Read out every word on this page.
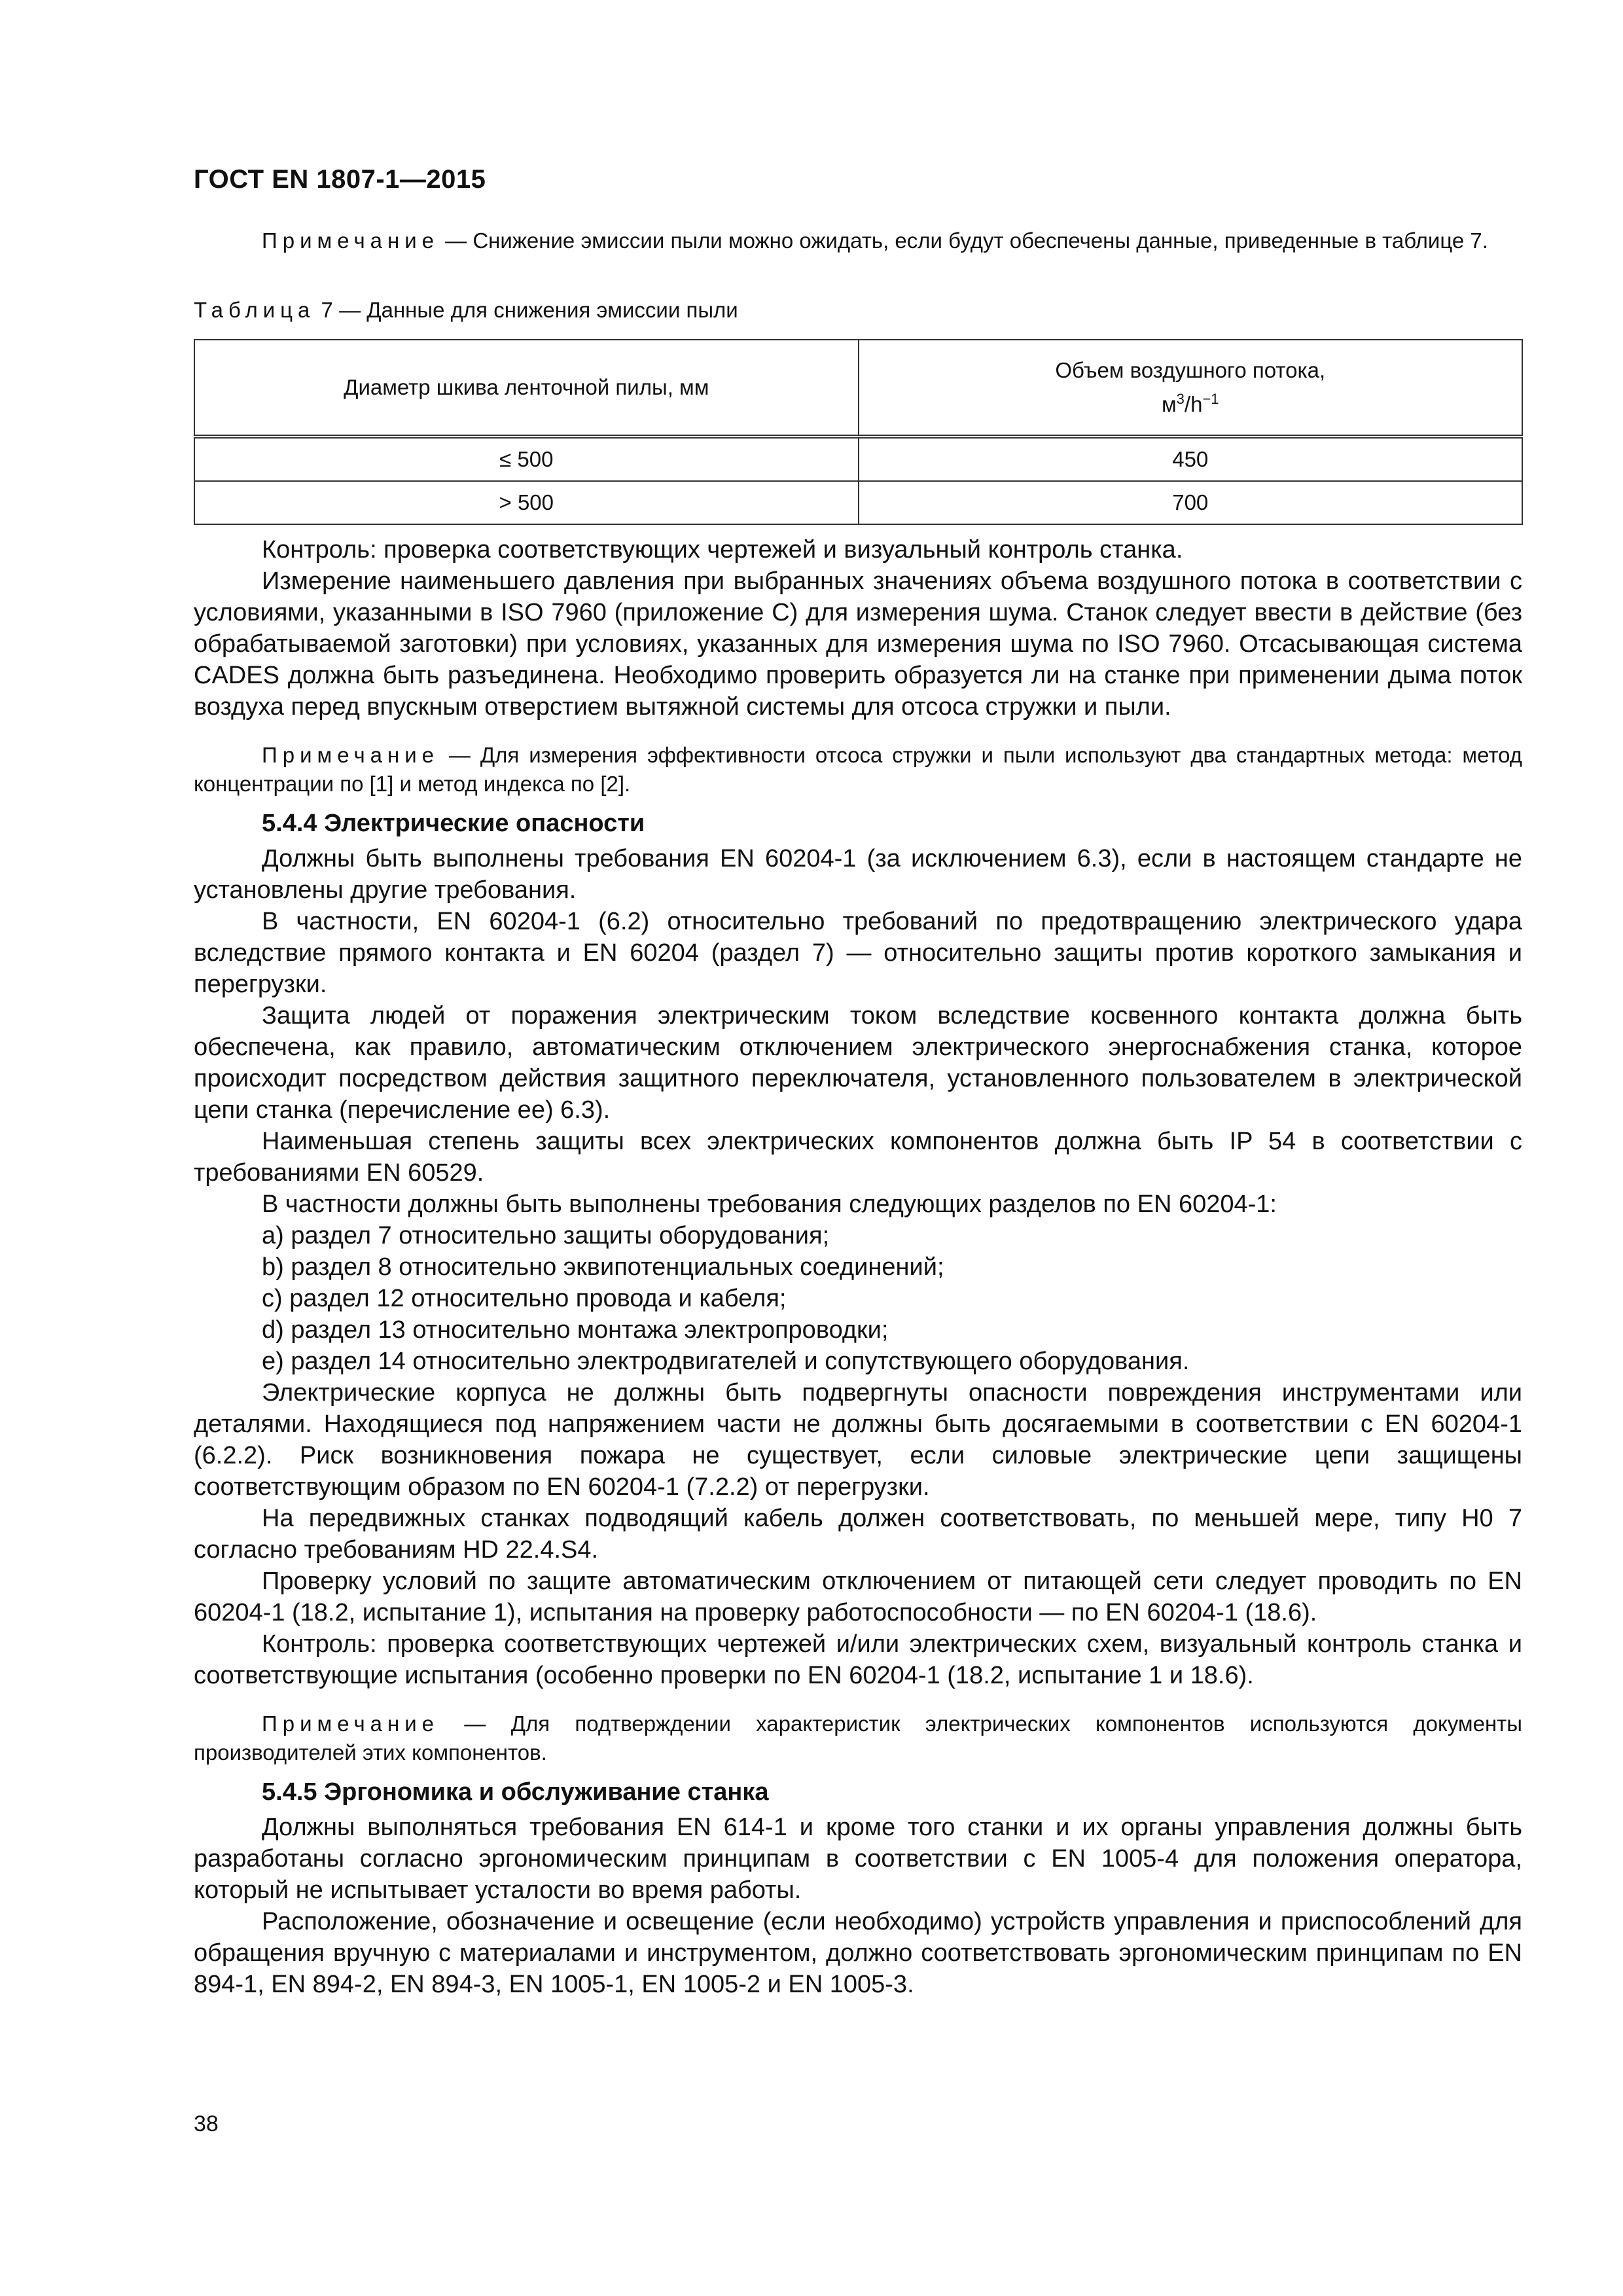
ГОСТ EN 1807-1—2015

Примечание — Снижение эмиссии пыли можно ожидать, если будут обеспечены данные, приведенные в таблице 7.

Таблица 7 — Данные для снижения эмиссии пыли
Диаметр шкива ленточной пилы, мм	Объем воздушного потока,
$м^3/h^{-1}$
≤ 500	450
> 500	700

Контроль: проверка соответствующих чертежей и визуальный контроль станка.

Измерение наименьшего давления при выбранных значениях объема воздушного потока в соответствии с условиями, указанными в ISO 7960 (приложение С) для измерения шума. Станок следует ввести в действие (без обрабатываемой заготовки) при условиях, указанных для измерения шума по ISO 7960. Отсасывающая система CADES должна быть разъединена. Необходимо проверить образуется ли на станке при применении дыма поток воздуха перед впускным отверстием вытяжной системы для отсоса стружки и пыли.

Примечание — Для измерения эффективности отсоса стружки и пыли используют два стандартных метода: метод концентрации по [1] и метод индекса по [2].

5.4.4 Электрические опасности

Должны быть выполнены требования EN 60204-1 (за исключением 6.3), если в настоящем стандарте не установлены другие требования.

В частности, EN 60204-1 (6.2) относительно требований по предотвращению электрического удара вследствие прямого контакта и EN 60204 (раздел 7) — относительно защиты против короткого замыкания и перегрузки.

Защита людей от поражения электрическим током вследствие косвенного контакта должна быть обеспечена, как правило, автоматическим отключением электрического энергоснабжения станка, которое происходит посредством действия защитного переключателя, установленного пользователем в электрической цепи станка (перечисление ее) 6.3).

Наименьшая степень защиты всех электрических компонентов должна быть IP 54 в соответствии с требованиями EN 60529.

В частности должны быть выполнены требования следующих разделов по EN 60204-1:

a) раздел 7 относительно защиты оборудования;
b) раздел 8 относительно эквипотенциальных соединений;
c) раздел 12 относительно провода и кабеля;
d) раздел 13 относительно монтажа электропроводки;
e) раздел 14 относительно электродвигателей и сопутствующего оборудования.

Электрические корпуса не должны быть подвергнуты опасности повреждения инструментами или деталями. Находящиеся под напряжением части не должны быть досягаемыми в соответствии с EN 60204-1 (6.2.2). Риск возникновения пожара не существует, если силовые электрические цепи защищены соответствующим образом по EN 60204-1 (7.2.2) от перегрузки.

На передвижных станках подводящий кабель должен соответствовать, по меньшей мере, типу H0 7 согласно требованиям HD 22.4.S4.

Проверку условий по защите автоматическим отключением от питающей сети следует проводить по EN 60204-1 (18.2, испытание 1), испытания на проверку работоспособности — по EN 60204-1 (18.6).

Контроль: проверка соответствующих чертежей и/или электрических схем, визуальный контроль станка и соответствующие испытания (особенно проверки по EN 60204-1 (18.2, испытание 1 и 18.6).

Примечание — Для подтверждении характеристик электрических компонентов используются документы производителей этих компонентов.

5.4.5 Эргономика и обслуживание станка

Должны выполняться требования EN 614-1 и кроме того станки и их органы управления должны быть разработаны согласно эргономическим принципам в соответствии с EN 1005-4 для положения оператора, который не испытывает усталости во время работы.

Расположение, обозначение и освещение (если необходимо) устройств управления и приспособлений для обращения вручную с материалами и инструментом, должно соответствовать эргономическим принципам по EN 894-1, EN 894-2, EN 894-3, EN 1005-1, EN 1005-2 и EN 1005-3.

38
